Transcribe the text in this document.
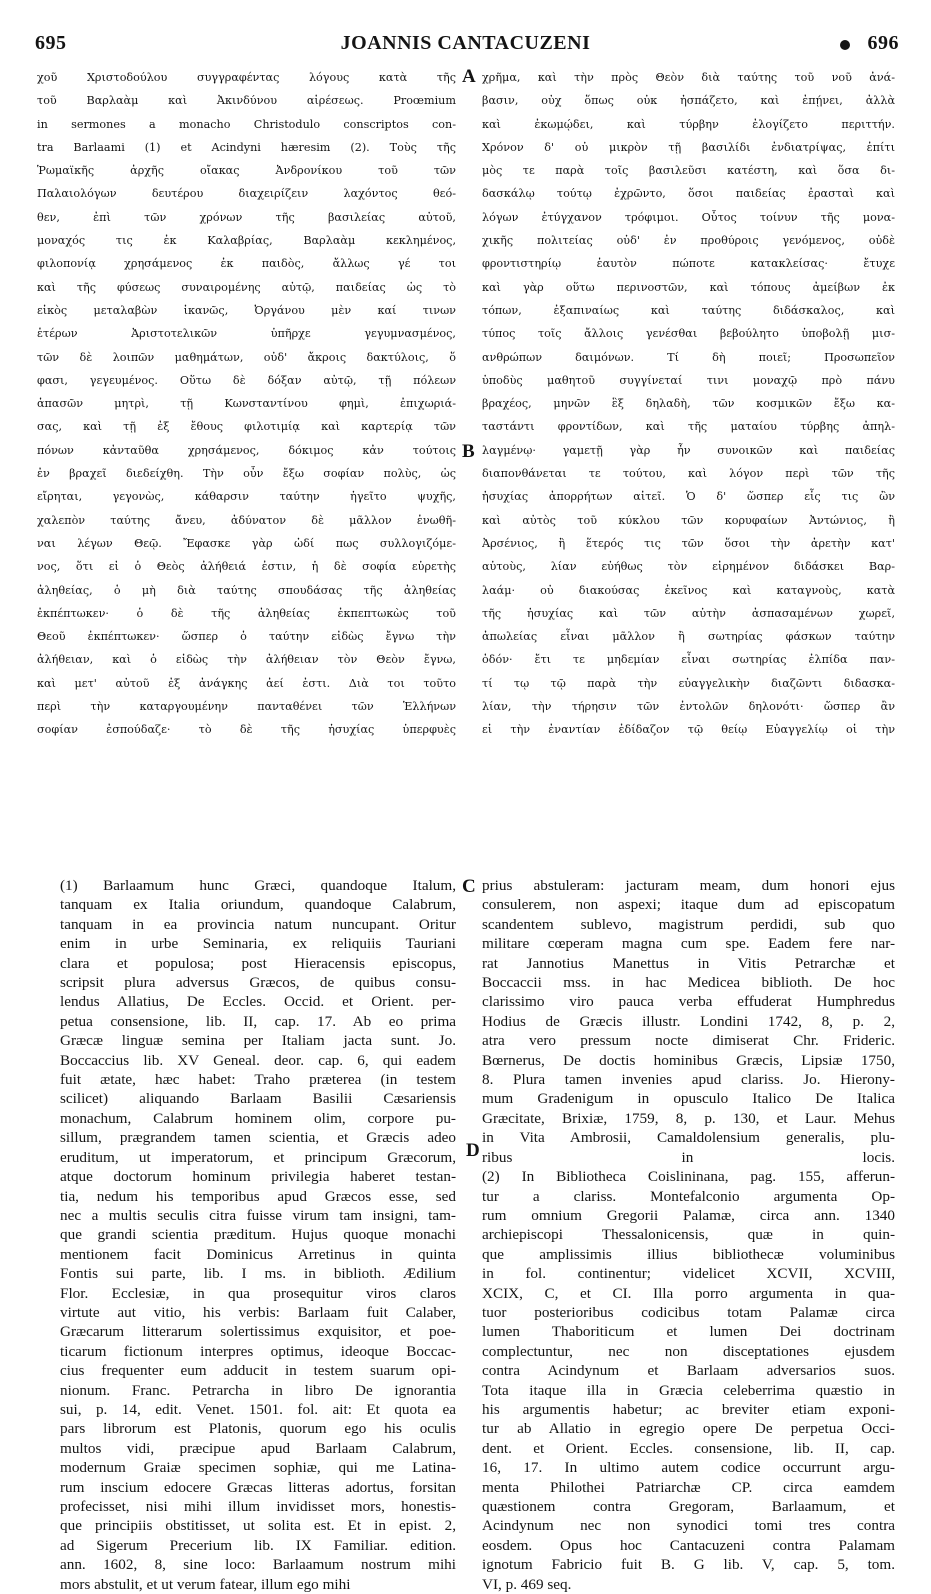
695	JOANNIS CANTACUZENI	696
A
B
C
D
χοῦ Χριστοδούλου συγγραφέντας λόγους κατὰ τῆς
τοῦ Βαρλαὰμ καὶ Ἀκινδύνου αἱρέσεως. Proœmium
in sermones a monacho Christodulo conscriptos con-
tra Barlaami (1) et Acindyni hæresim (2). Τοὺς τῆς
Ῥωμαϊκῆς ἀρχῆς οἴακας Ἀνδρονίκου τοῦ τῶν
Παλαιολόγων δευτέρου διαχειρίζειν λαχόντος θεό-
θεν, ἐπὶ τῶν χρόνων τῆς βασιλείας αὐτοῦ,
μοναχός τις ἐκ Καλαβρίας, Βαρλαὰμ κεκλημένος,
φιλοπονίᾳ χρησάμενος ἐκ παιδὸς, ἄλλως γέ τοι
καὶ τῆς φύσεως συναιρομένης αὐτῷ, παιδείας ὡς τὸ
εἰκὸς μεταλαβὼν ἱκανῶς, Ὀργάνου μὲν καί τινων
ἑτέρων Ἀριστοτελικῶν ὑπῆρχε γεγυμνασμένος,
τῶν δὲ λοιπῶν μαθημάτων, οὐδ' ἄκροις δακτύλοις, ὅ
φασι, γεγευμένος. Οὕτω δὲ δόξαν αὐτῷ, τῇ πόλεων
ἁπασῶν μητρὶ, τῇ Κωνσταντίνου φημὶ, ἐπιχωριά-
σας, καὶ τῇ ἐξ ἔθους φιλοτιμίᾳ καὶ καρτερίᾳ τῶν
πόνων κἀνταῦθα χρησάμενος, δόκιμος κἀν τούτοις
ἐν βραχεῖ διεδείχθη. Τὴν οὖν ἔξω σοφίαν πολὺς, ὡς
εἴρηται, γεγονὼς, κάθαρσιν ταύτην ἡγεῖτο ψυχῆς,
χαλεπὸν ταύτης ἄνευ, ἀδύνατον δὲ μᾶλλον ἑνωθῆ-
ναι λέγων Θεῷ. Ἔφασκε γὰρ ὡδί πως συλλογιζόμε-
νος, ὅτι εἰ ὁ Θεὸς ἀλήθειά ἐστιν, ἡ δὲ σοφία εὑρετὴς
ἀληθείας, ὁ μὴ διὰ ταύτης σπουδάσας τῆς ἀληθείας
ἐκπέπτωκεν· ὁ δὲ τῆς ἀληθείας ἐκπεπτωκὼς τοῦ
Θεοῦ ἐκπέπτωκεν· ὥσπερ ὁ ταύτην εἰδὼς ἔγνω τὴν
ἀλήθειαν, καὶ ὁ εἰδὼς τὴν ἀλήθειαν τὸν Θεὸν ἔγνω,
καὶ μετ' αὐτοῦ ἐξ ἀνάγκης ἀεί ἐστι. Διὰ τοι τοῦτο
περὶ τὴν καταργουμένην πανταθένει τῶν Ἑλλήνων
σοφίαν ἐσπούδαζε· τὸ δὲ τῆς ἡσυχίας ὑπερφυὲς
χρῆμα, καὶ τὴν πρὸς Θεὸν διὰ ταύτης τοῦ νοῦ ἀνά-
βασιν, οὐχ ὅπως οὐκ ἠσπάζετο, καὶ ἐπῄνει, ἀλλὰ
καὶ ἐκωμῴδει, καὶ τύρβην ἐλογίζετο περιττήν.
Χρόνον δ' οὐ μικρὸν τῇ βασιλίδι ἐνδιατρίψας, ἐπίτι
μὸς τε παρὰ τοῖς βασιλεῦσι κατέστη, καὶ ὅσα δι-
δασκάλῳ τούτῳ ἐχρῶντο, ὅσοι παιδείας ἐρασταὶ καὶ
λόγων ἐτύγχανον τρόφιμοι. Οὗτος τοίνυν τῆς μονα-
χικῆς πολιτείας οὐδ' ἐν προθύροις γενόμενος, οὐδὲ
φροντιστηρίῳ ἑαυτὸν πώποτε κατακλείσας· ἔτυχε
καὶ γὰρ οὕτω περινοστῶν, καὶ τόπους ἀμείβων ἐκ
τόπων, ἐξαπιναίως καὶ ταύτης διδάσκαλος, καὶ
τύπος τοῖς ἄλλοις γενέσθαι βεβούλητο ὑποβολῇ μισ-
ανθρώπων δαιμόνων. Τί δὴ ποιεῖ; Προσωπεῖον
ὑποδὺς μαθητοῦ συγγίνεταί τινι μοναχῷ πρὸ πάνυ
βραχέος, μηνῶν ἓξ δηλαδὴ, τῶν κοσμικῶν ἔξω κα-
ταστάντι φροντίδων, καὶ τῆς ματαίου τύρβης ἀπηλ-
λαγμένῳ· γαμετῇ γὰρ ἦν συνοικῶν καὶ παιδείας
διαπονθάνεται τε τούτου, καὶ λόγον περὶ τῶν τῆς
ἡσυχίας ἀπορρήτων αἰτεῖ. Ὁ δ' ὥσπερ εἷς τις ὢν
καὶ αὐτὸς τοῦ κύκλου τῶν κορυφαίων Ἀντώνιος, ἢ
Ἀρσένιος, ἢ ἕτερός τις τῶν ὅσοι τὴν ἀρετὴν κατ'
αὐτοὺς, λίαν εὐήθως τὸν εἰρημένον διδάσκει Βαρ-
λαάμ· οὐ διακούσας ἐκεῖνος καὶ καταγνοὺς, κατὰ
τῆς ἡσυχίας καὶ τῶν αὐτὴν ἀσπασαμένων χωρεῖ,
ἀπωλείας εἶναι μᾶλλον ἢ σωτηρίας φάσκων ταύτην
ὁδόν· ἔτι τε μηδεμίαν εἶναι σωτηρίας ἐλπίδα παν-
τί τῳ τῷ παρὰ τὴν εὐαγγελικὴν διαζῶντι διδασκα-
λίαν, τὴν τήρησιν τῶν ἐντολῶν δηλονότι· ὥσπερ ἂν
εἰ τὴν ἐναντίαν ἐδίδαζον τῷ θείῳ Εὐαγγελίῳ οἱ τὴν
(1) Barlaamum hunc Græci, quandoque Italum,
tanquam ex Italia oriundum, quandoque Calabrum,
tanquam in ea provincia natum nuncupant. Oritur
enim in urbe Seminaria, ex reliquiis Tauriani
clara et populosa; post Hieracensis episcopus,
scripsit plura adversus Græcos, de quibus consu-
lendus Allatius, De Eccles. Occid. et Orient. per-
petua consensione, lib. II, cap. 17. Ab eo prima
Græcæ linguæ semina per Italiam jacta sunt. Jo.
Boccaccius lib. XV Geneal. deor. cap. 6, qui eadem
fuit ætate, hæc habet: Traho præterea (in testem
scilicet) aliquando Barlaam Basilii Cæsariensis
monachum, Calabrum hominem olim, corpore pu-
sillum, prægrandem tamen scientia, et Græcis adeo
eruditum, ut imperatorum, et principum Græcorum,
atque doctorum hominum privilegia haberet testan-
tia, nedum his temporibus apud Græcos esse, sed
nec a multis seculis citra fuisse virum tam insigni, tam-
que grandi scientia præditum. Hujus quoque monachi
mentionem facit Dominicus Arretinus in quinta
Fontis sui parte, lib. I ms. in biblioth. Ædilium
Flor. Ecclesiæ, in qua prosequitur viros claros
virtute aut vitio, his verbis: Barlaam fuit Calaber,
Græcarum litterarum solertissimus exquisitor, et poe-
ticarum fictionum interpres optimus, ideoque Boccac-
cius frequenter eum adducit in testem suarum opi-
nionum. Franc. Petrarcha in libro De ignorantia
sui, p. 14, edit. Venet. 1501. fol. ait: Et quota ea
pars librorum est Platonis, quorum ego his oculis
multos vidi, præcipue apud Barlaam Calabrum,
modernum Graiæ specimen sophiæ, qui me Latina-
rum inscium edocere Græcas litteras adortus, forsitan
profecisset, nisi mihi illum invidisset mors, honestis-
que principiis obstitisset, ut solita est. Et in epist. 2,
ad Sigerum Precerium lib. IX Familiar. edition.
ann. 1602, 8, sine loco: Barlaamum nostrum mihi
mors abstulit, et ut verum fatear, illum ego mihi
prius abstuleram: jacturam meam, dum honori ejus
consulerem, non aspexi; itaque dum ad episcopatum
scandentem sublevo, magistrum perdidi, sub quo
militare cœperam magna cum spe. Eadem fere nar-
rat Jannotius Manettus in Vitis Petrarchæ et
Boccaccii mss. in hac Medicea biblioth. De hoc
clarissimo viro pauca verba effuderat Humphredus
Hodius de Græcis illustr. Londini 1742, 8, p. 2,
atra vero pressum nocte dimiserat Chr. Frideric.
Bœrnerus, De doctis hominibus Græcis, Lipsiæ 1750,
8. Plura tamen invenies apud clariss. Jo. Hierony-
mum Gradenigum in opusculo Italico De Italica
Græcitate, Brixiæ, 1759, 8, p. 130, et Laur. Mehus
in Vita Ambrosii, Camaldolensium generalis, plu-
ribus in locis.
(2) In Bibliotheca Coislininana, pag. 155, afferun-
tur a clariss. Montefalconio argumenta Op-
rum omnium Gregorii Palamæ, circa ann. 1340
archiepiscopi Thessalonicensis, quæ in quin-
que amplissimis illius bibliothecæ voluminibus
in fol. continentur; videlicet XCVII, XCVIII,
XCIX, C, et CI. Illa porro argumenta in qua-
tuor posterioribus codicibus totam Palamæ circa
lumen Thaboriticum et lumen Dei doctrinam
complectuntur, nec non disceptationes ejusdem
contra Acindynum et Barlaam adversarios suos.
Tota itaque illa in Græcia celeberrima quæstio in
his argumentis habetur; ac breviter etiam exponi-
tur ab Allatio in egregio opere De perpetua Occi-
dent. et Orient. Eccles. consensione, lib. II, cap.
16, 17. In ultimo autem codice occurrunt argu-
menta Philothei Patriarchæ CP. circa eamdem
quæstionem contra Gregoram, Barlaamum, et
Acindynum nec non synodici tomi tres contra
eosdem. Opus hoc Cantacuzeni contra Palamam
ignotum Fabricio fuit B. G lib. V, cap. 5, tom.
VI, p. 469 seq.
